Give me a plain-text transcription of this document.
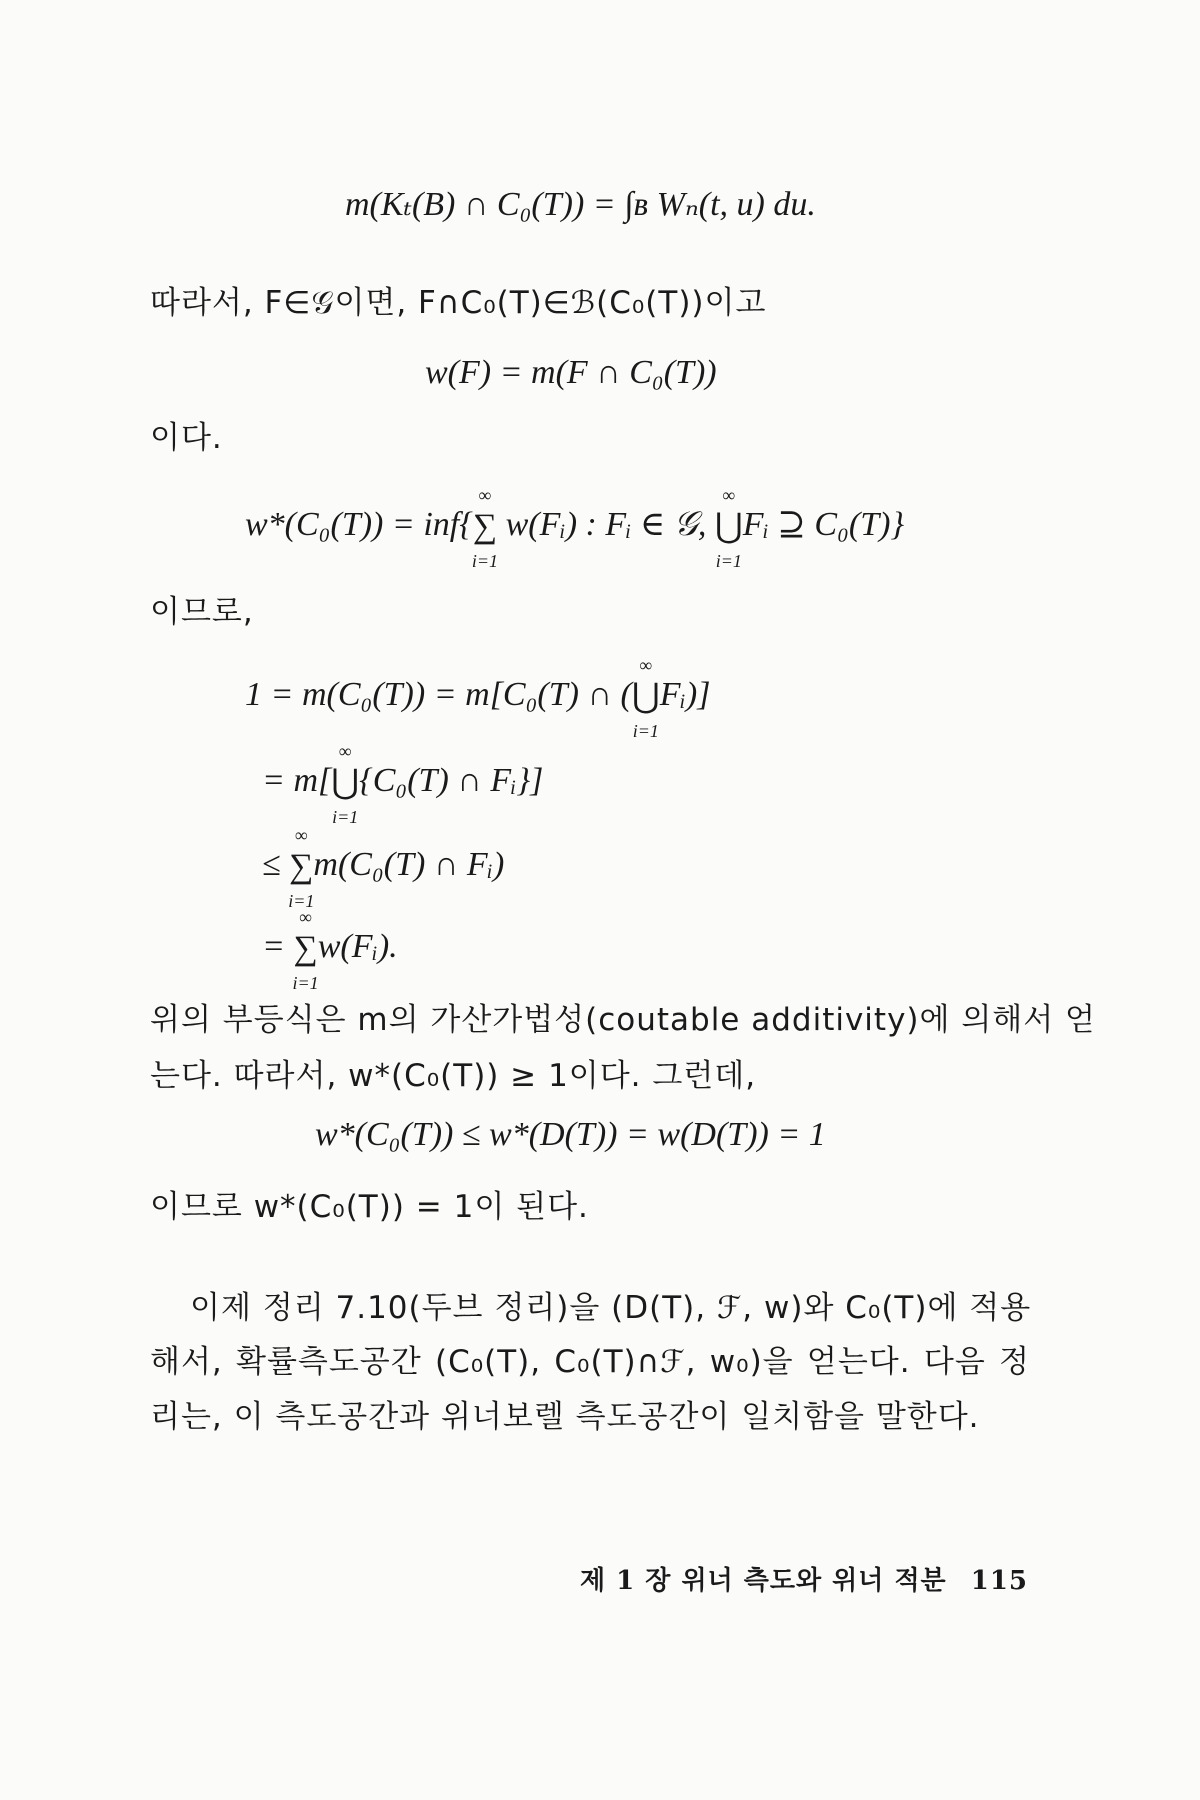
m(Kₜ(B) ∩ C₀(T)) = ∫ʙ Wₙ(t, u) du.
따라서, F∈𝒢이면, F∩C₀(T)∈ℬ(C₀(T))이고
w(F) = m(F ∩ C₀(T))
이다.
w*(C₀(T)) = inf{
∞
∑
i=1
w(Fᵢ) : Fᵢ ∈ 𝒢,
∞
⋃
i=1
Fᵢ ⊇ C₀(T)}
이므로,
1 = m(C₀(T)) = m[C₀(T) ∩ (
∞
⋃
i=1
Fᵢ)]
= m[
∞
⋃
i=1
{C₀(T) ∩ Fᵢ}]
≤
∞
∑
i=1
m(C₀(T) ∩ Fᵢ)
=
∞
∑
i=1
w(Fᵢ).
위의 부등식은 m의 가산가법성(coutable additivity)에 의해서 얻
는다. 따라서, w*(C₀(T)) ≥ 1이다. 그런데,
w*(C₀(T)) ≤ w*(D(T)) = w(D(T)) = 1
이므로 w*(C₀(T)) = 1이 된다.
이제 정리 7.10(두브 정리)을 (D(T), ℱ, w)와 C₀(T)에 적용
해서, 확률측도공간 (C₀(T), C₀(T)∩ℱ, w₀)을 얻는다. 다음 정
리는, 이 측도공간과 위너보렐 측도공간이 일치함을 말한다.
제 1 장 위너 측도와 위너 적분 115
